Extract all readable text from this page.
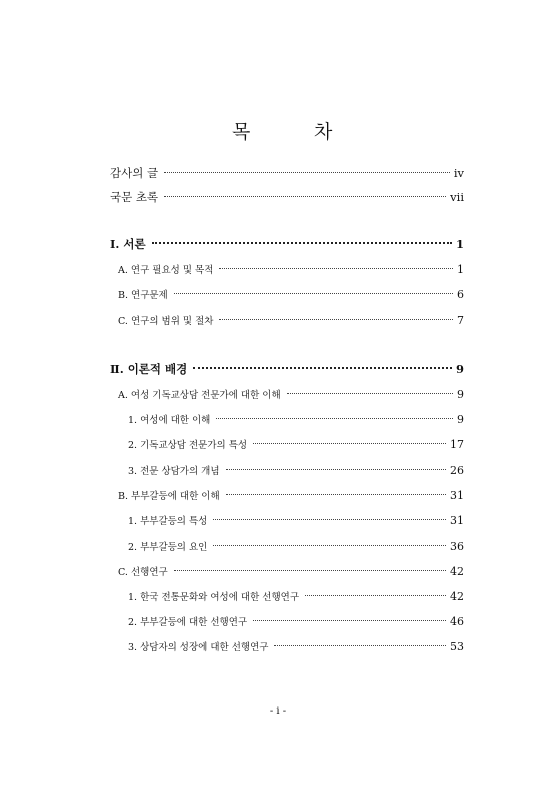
목	차
감사의 글	iv
국문 초록	vii
Ⅰ. 서론	1
A. 연구 필요성 및 목적	1
B. 연구문제	6
C. 연구의 범위 및 절차	7
Ⅱ. 이론적 배경	9
A. 여성 기독교상담 전문가에 대한 이해	9
1. 여성에 대한 이해	9
2. 기독교상담 전문가의 특성	17
3. 전문 상담가의 개념	26
B. 부부갈등에 대한 이해	31
1. 부부갈등의 특성	31
2. 부부갈등의 요인	36
C. 선행연구	42
1. 한국 전통문화와 여성에 대한 선행연구	42
2. 부부갈등에 대한 선행연구	46
3. 상담자의 성장에 대한 선행연구	53
- i -
